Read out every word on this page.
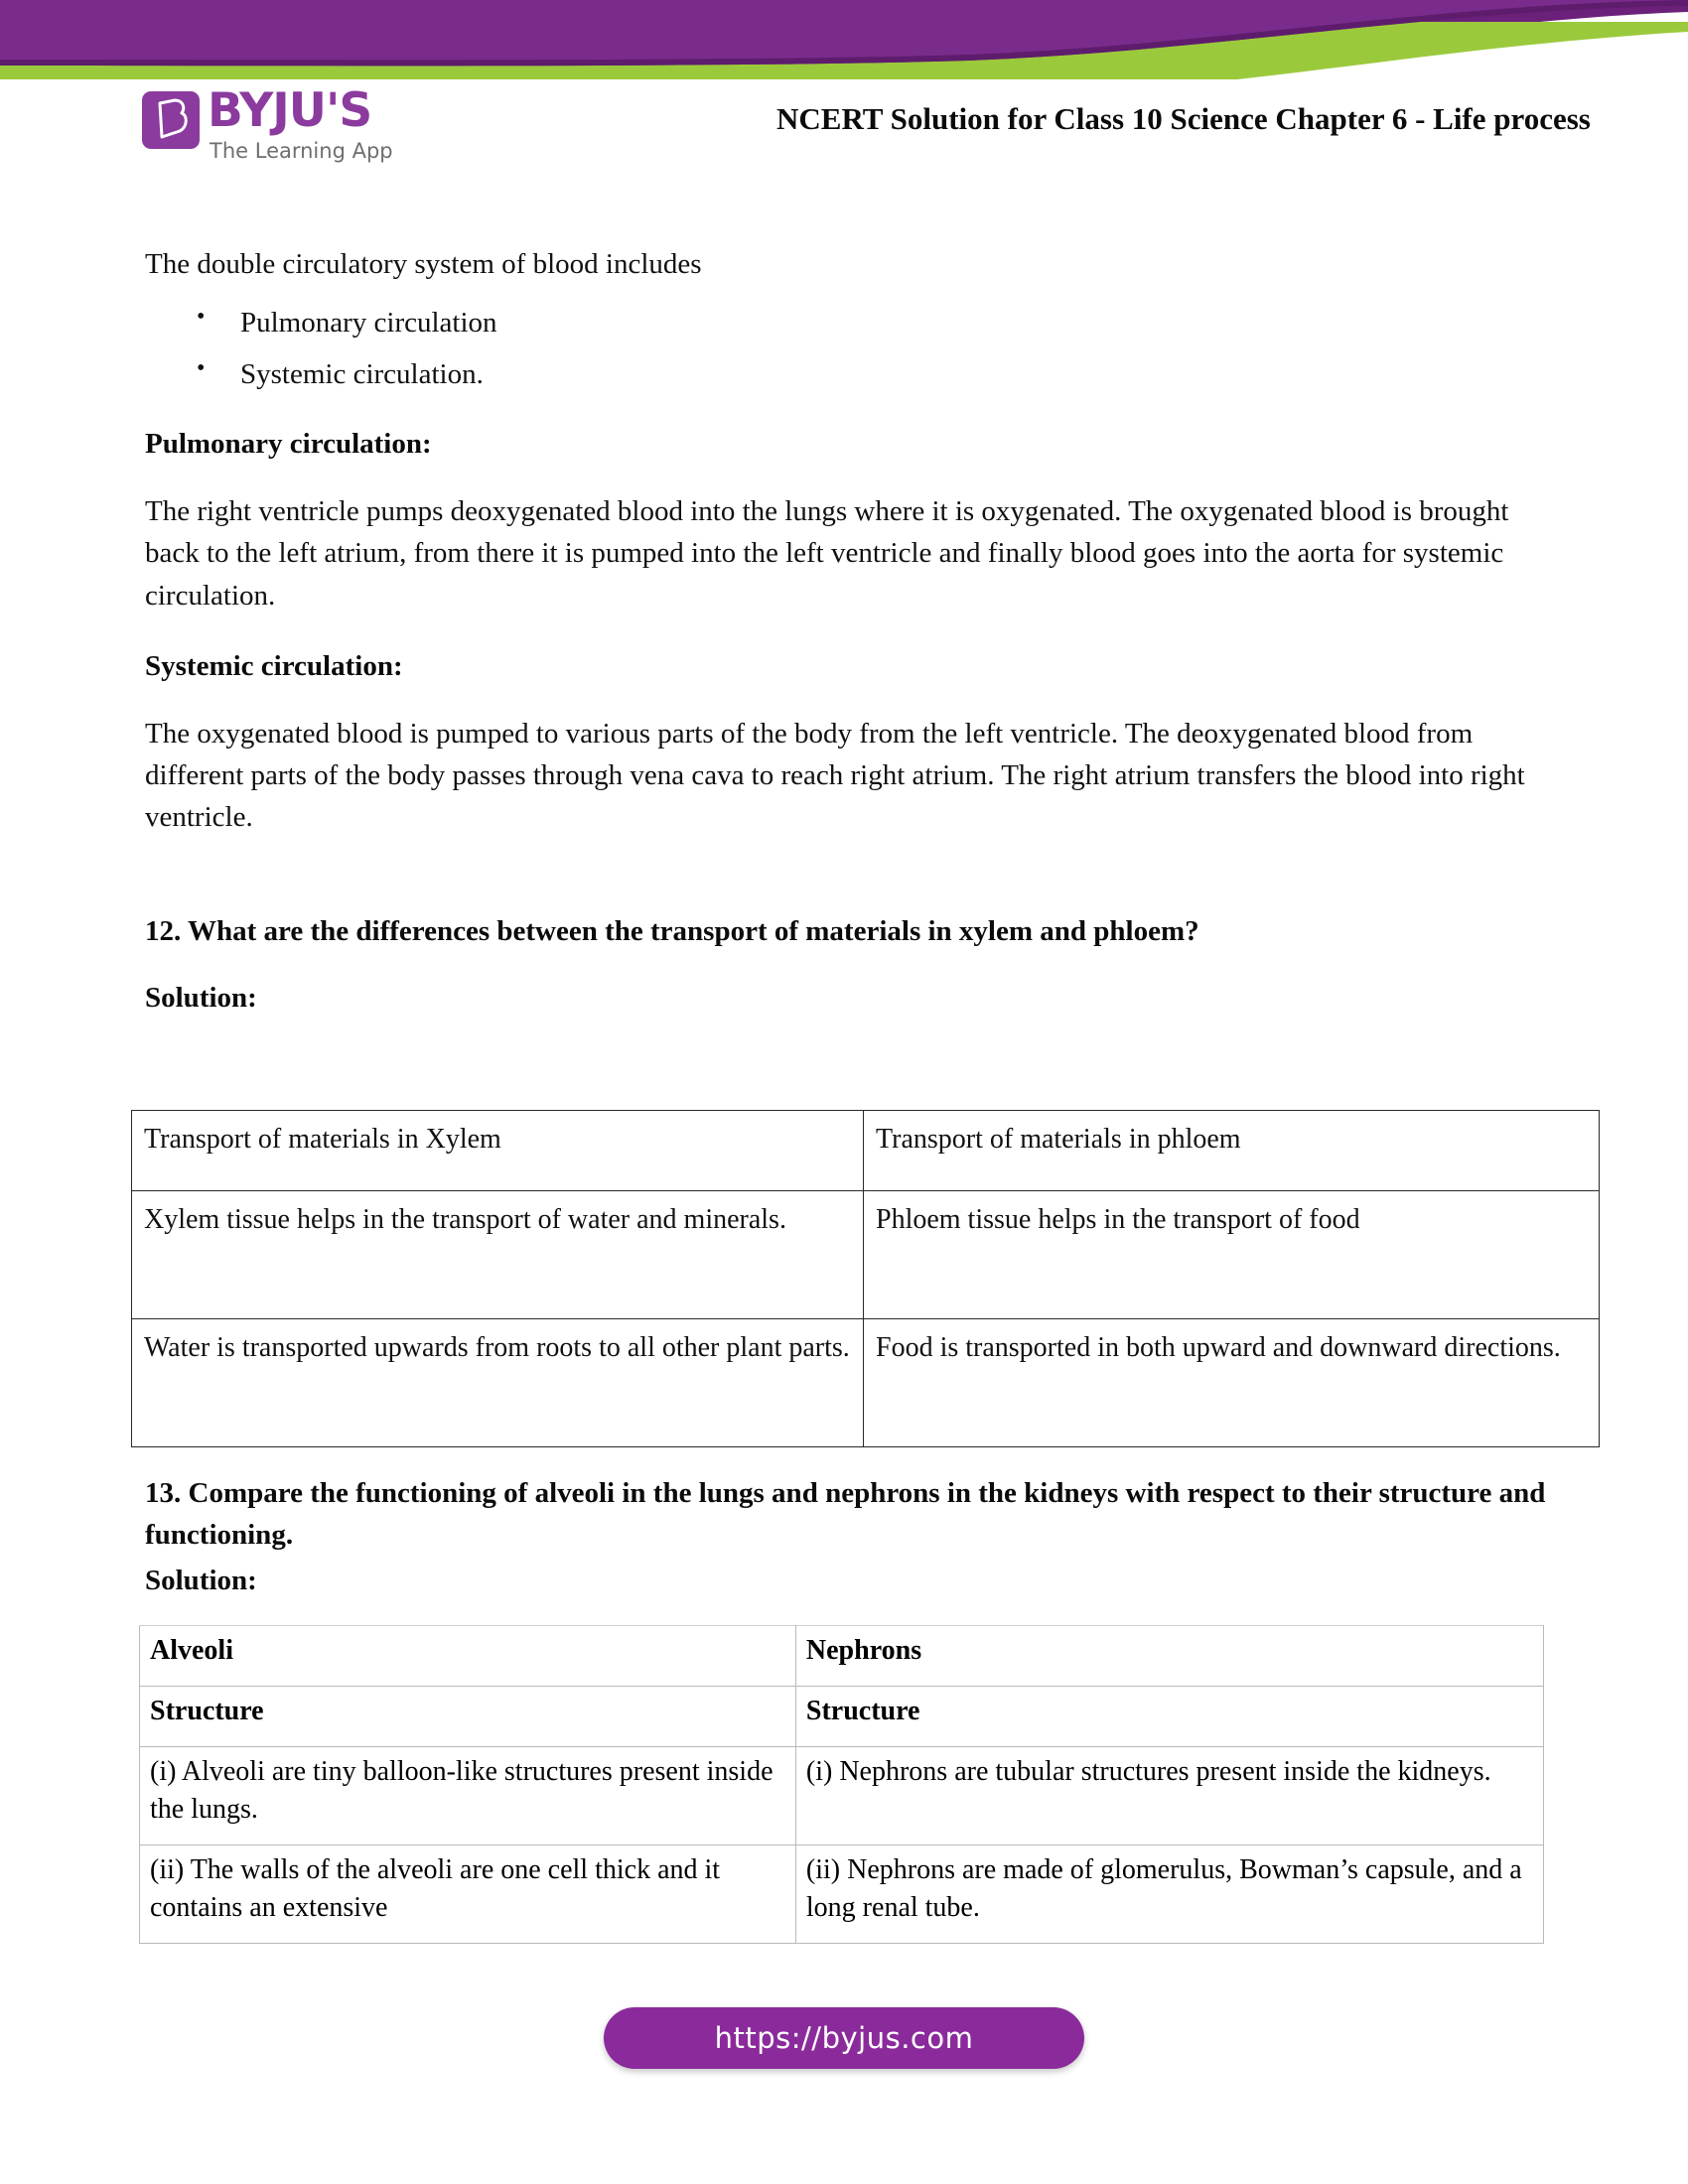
BYJU'S
The Learning App
NCERT Solution for Class 10 Science Chapter 6 - Life process

The double circulatory system of blood includes

• Pulmonary circulation
• Systemic circulation.
Pulmonary circulation:

The right ventricle pumps deoxygenated blood into the lungs where it is oxygenated. The oxygenated blood is brought back to the left atrium, from there it is pumped into the left ventricle and finally blood goes into the aorta for systemic circulation.

Systemic circulation:

The oxygenated blood is pumped to various parts of the body from the left ventricle. The deoxygenated blood from different parts of the body passes through vena cava to reach right atrium. The right atrium transfers the blood into right ventricle.

12. What are the differences between the transport of materials in xylem and phloem?
Solution:
Transport of materials in Xylem	Transport of materials in phloem
Xylem tissue helps in the transport of water and minerals.	Phloem tissue helps in the transport of food
Water is transported upwards from roots to all other plant parts.	Food is transported in both upward and downward directions.
13. Compare the functioning of alveoli in the lungs and nephrons in the kidneys with respect to their structure and functioning.
Solution:
Alveoli	Nephrons
Structure	Structure
(i) Alveoli are tiny balloon-like structures present inside the lungs.	(i) Nephrons are tubular structures present inside the kidneys.
(ii) The walls of the alveoli are one cell thick and it contains an extensive	(ii) Nephrons are made of glomerulus, Bowman’s capsule, and a long renal tube.
https://byjus.com
